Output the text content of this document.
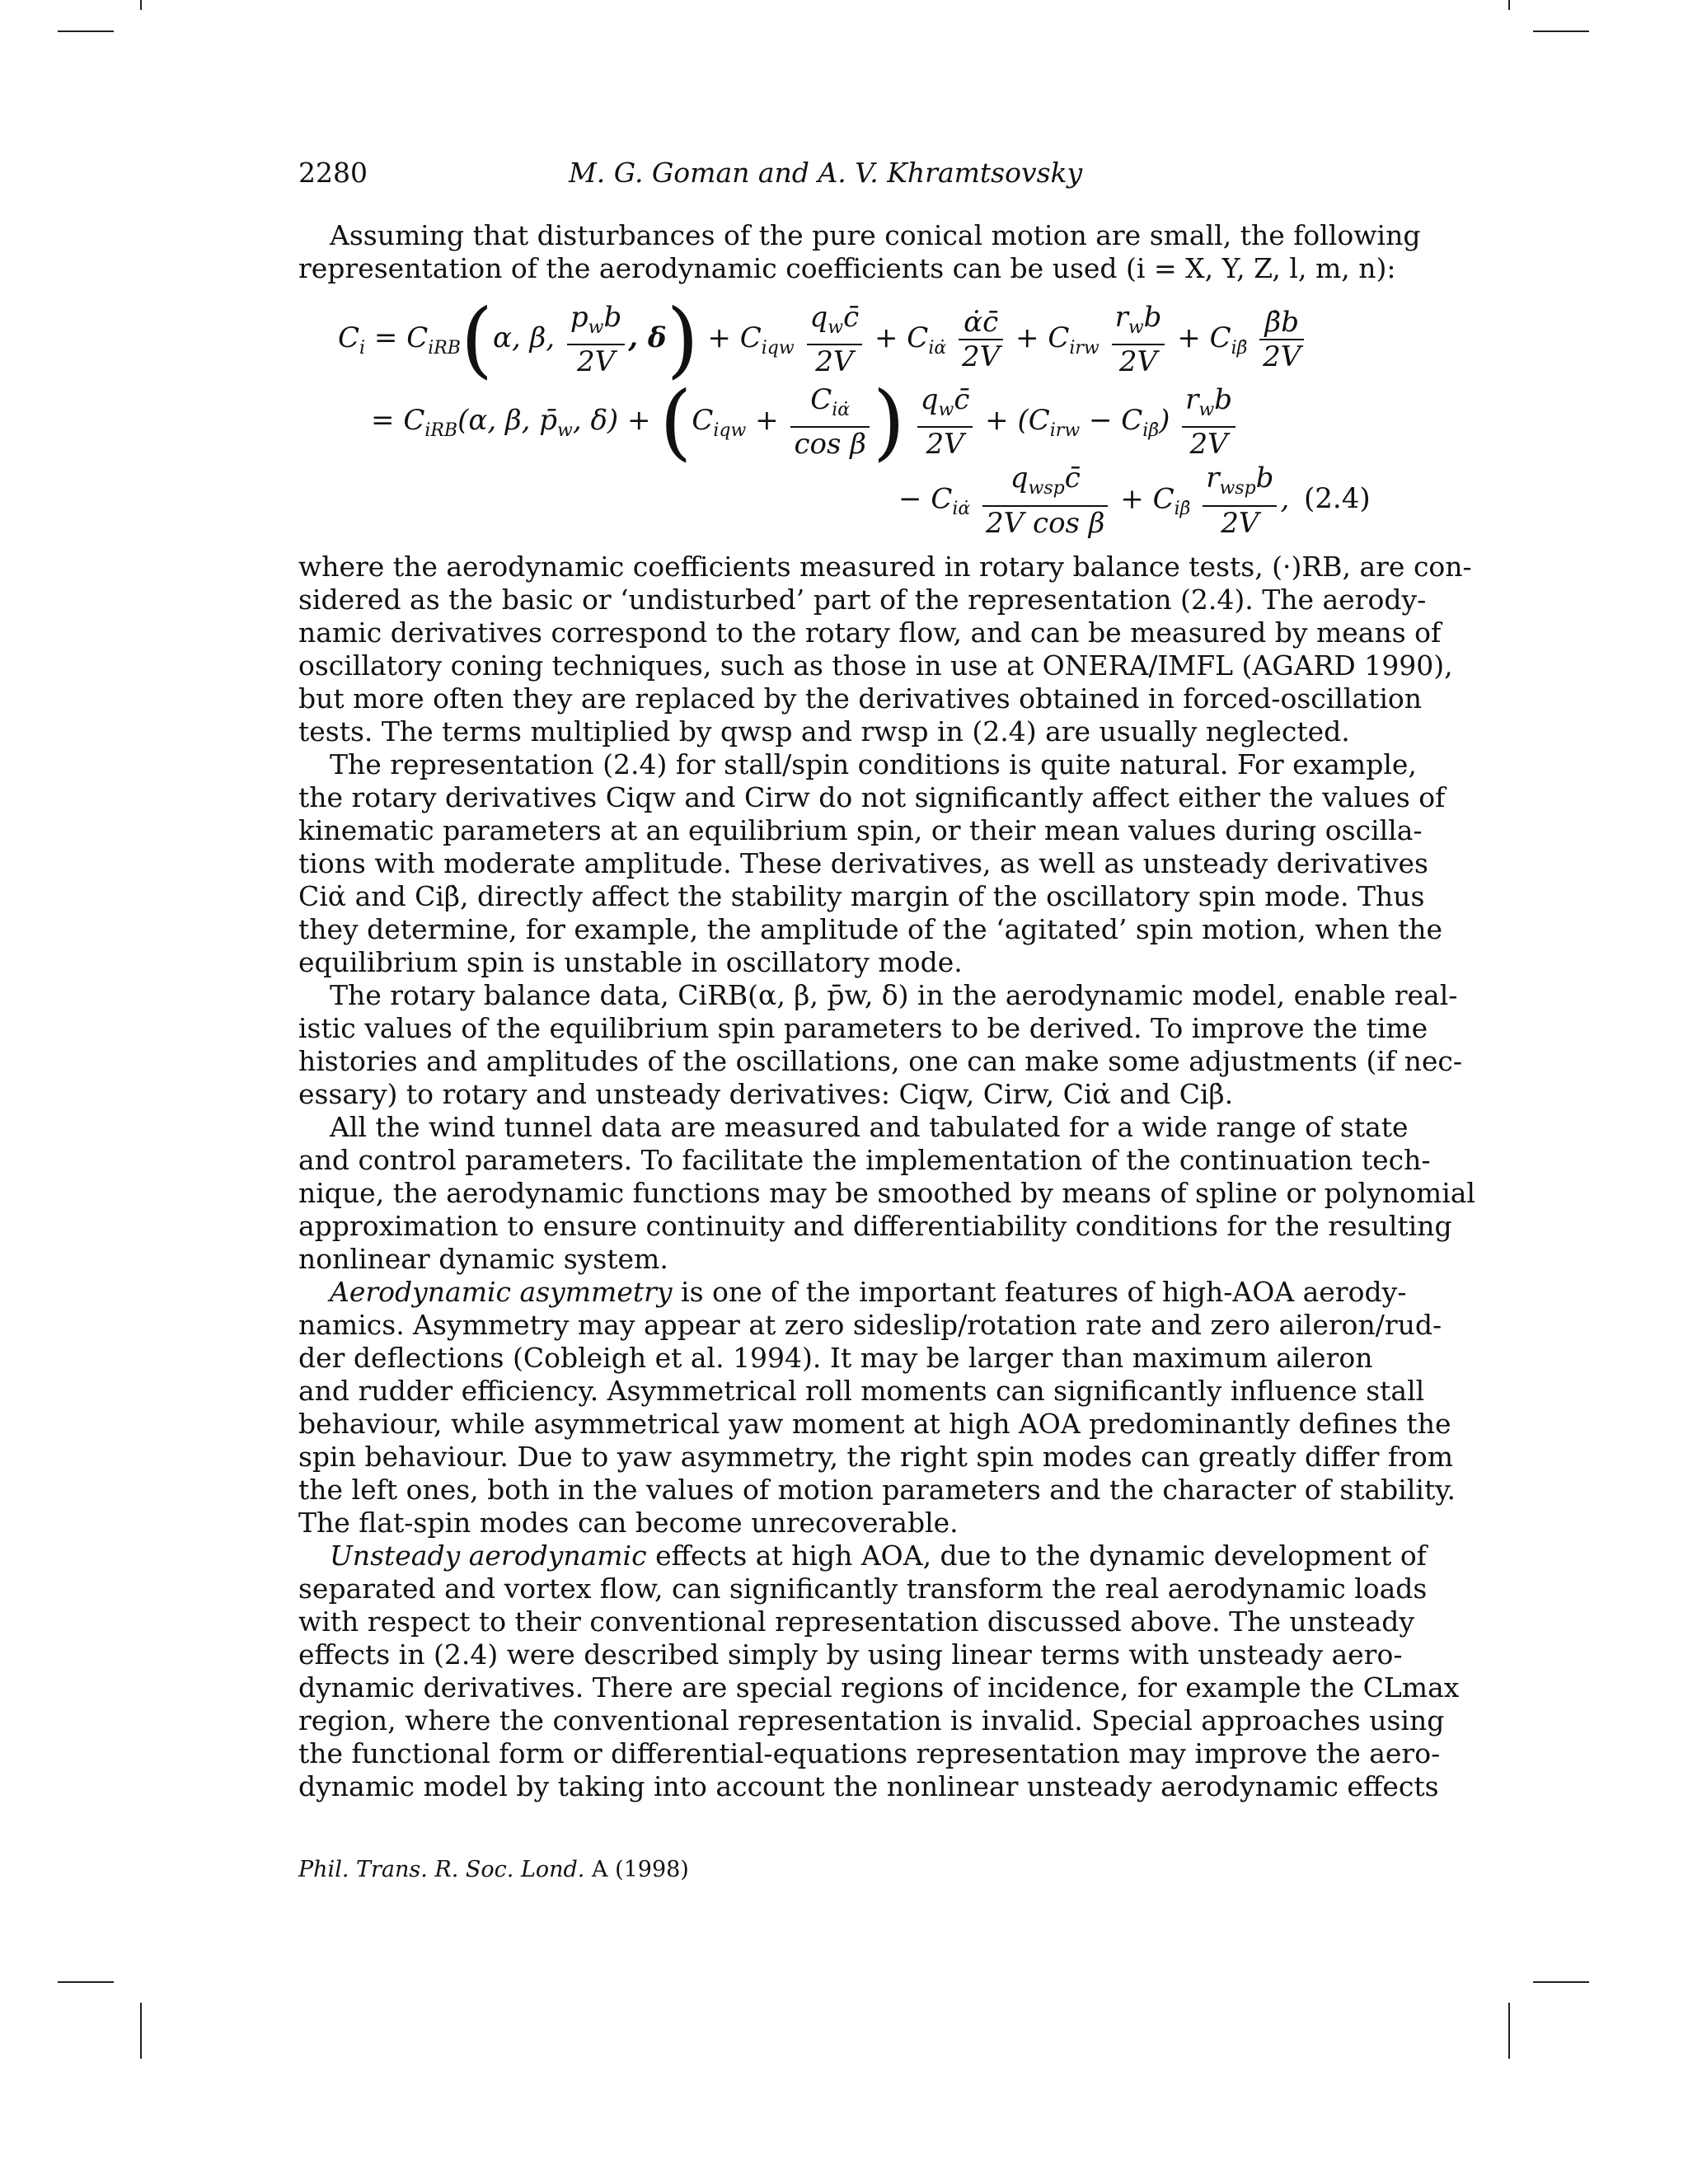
2280	M. G. Goman and A. V. Khramtsovsky
Assuming that disturbances of the pure conical motion are small, the following
representation of the aerodynamic coefficients can be used (i = X, Y, Z, l, m, n):
$C_i = C_{iRB}(\alpha$, β, $\frac{p_wb}{2V}$ , $\delta) + C_{iqw} \frac{q_wc̄}{2V} + C_{i\alphȧ} \frac{\alphȧc̄}{2V} + C_{irw} \frac{r_wb}{2V} + C_{i\betȧ} \frac{\betȧb}{2V}$
= $C_{iRB}(\alpha$, β, $p̄_w$, $\delta) + (C_{iqw} + \frac{C_{i\alphȧ}}{\text{cos β}}$ ) $\frac{q_wc̄}{2V} + (C_{irw} - C_{i\betȧ}) \frac{r_wb}{2V}$
− $C_{i\alphȧ} \frac{q_{wsp}c̄}{\text{2V cos β}} + C_{i\betȧ} \frac{r_{wsp}b}{2V}$ , (2.4)
where the aerodynamic coefficients measured in rotary balance tests, (·)RB, are con-
sidered as the basic or ‘undisturbed’ part of the representation (2.4). The aerody-
namic derivatives correspond to the rotary flow, and can be measured by means of
oscillatory coning techniques, such as those in use at ONERA/IMFL (AGARD 1990),
but more often they are replaced by the derivatives obtained in forced-oscillation
tests. The terms multiplied by qwsp and rwsp in (2.4) are usually neglected.
The representation (2.4) for stall/spin conditions is quite natural. For example,
the rotary derivatives Ciqw and Cirw do not significantly affect either the values of
kinematic parameters at an equilibrium spin, or their mean values during oscilla-
tions with moderate amplitude. These derivatives, as well as unsteady derivatives
Ciα̇ and Ciβ̇, directly affect the stability margin of the oscillatory spin mode. Thus
they determine, for example, the amplitude of the ‘agitated’ spin motion, when the
equilibrium spin is unstable in oscillatory mode.
The rotary balance data, CiRB(α, β, p̄w, δ) in the aerodynamic model, enable real-
istic values of the equilibrium spin parameters to be derived. To improve the time
histories and amplitudes of the oscillations, one can make some adjustments (if nec-
essary) to rotary and unsteady derivatives: Ciqw, Cirw, Ciα̇ and Ciβ̇.
All the wind tunnel data are measured and tabulated for a wide range of state
and control parameters. To facilitate the implementation of the continuation tech-
nique, the aerodynamic functions may be smoothed by means of spline or polynomial
approximation to ensure continuity and differentiability conditions for the resulting
nonlinear dynamic system.
Aerodynamic asymmetry is one of the important features of high-AOA aerody-
namics. Asymmetry may appear at zero sideslip/rotation rate and zero aileron/rud-
der deflections (Cobleigh et al. 1994). It may be larger than maximum aileron
and rudder efficiency. Asymmetrical roll moments can significantly influence stall
behaviour, while asymmetrical yaw moment at high AOA predominantly defines the
spin behaviour. Due to yaw asymmetry, the right spin modes can greatly differ from
the left ones, both in the values of motion parameters and the character of stability.
The flat-spin modes can become unrecoverable.
Unsteady aerodynamic effects at high AOA, due to the dynamic development of
separated and vortex flow, can significantly transform the real aerodynamic loads
with respect to their conventional representation discussed above. The unsteady
effects in (2.4) were described simply by using linear terms with unsteady aero-
dynamic derivatives. There are special regions of incidence, for example the CLmax
region, where the conventional representation is invalid. Special approaches using
the functional form or differential-equations representation may improve the aero-
dynamic model by taking into account the nonlinear unsteady aerodynamic effects
Phil. Trans. R. Soc. Lond. A (1998)
